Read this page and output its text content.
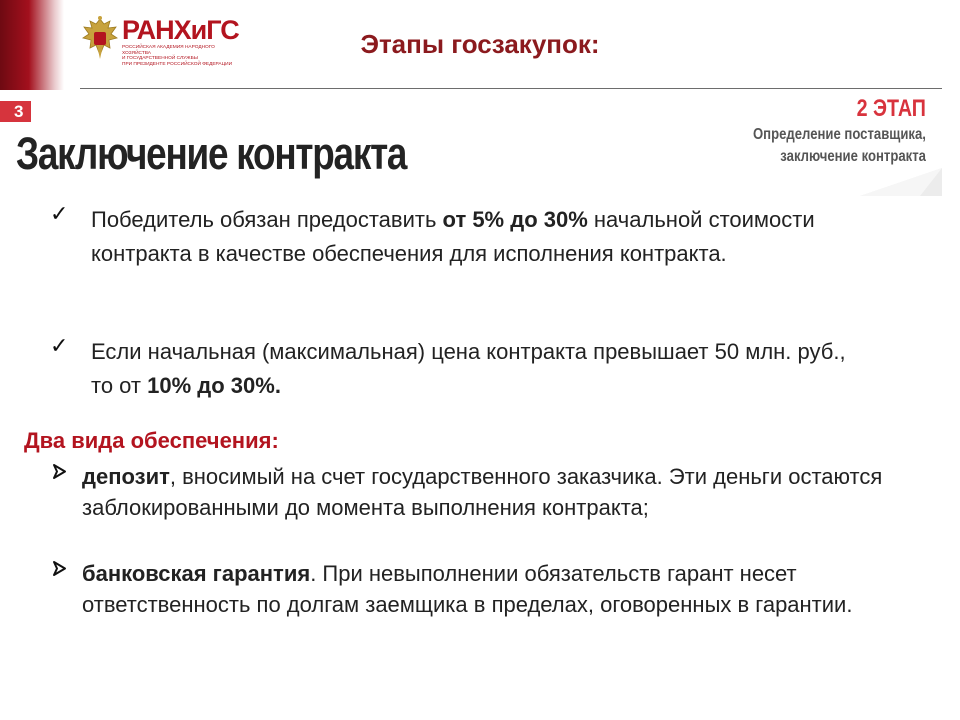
РАНХиГС
РОССИЙСКАЯ АКАДЕМИЯ НАРОДНОГО ХОЗЯЙСТВА
И ГОСУДАРСТВЕННОЙ СЛУЖБЫ
ПРИ ПРЕЗИДЕНТЕ РОССИЙСКОЙ ФЕДЕРАЦИИ
Этапы госзакупок:
3
Заключение контракта
2 ЭТАП
Определение поставщика,
заключение контракта
✓ Победитель обязан предоставить от 5% до 30% начальной стоимости контракта в качестве обеспечения для исполнения контракта.
✓ Если начальная (максимальная) цена контракта превышает 50 млн. руб., то от 10% до 30%.
Два вида обеспечения:
депозит, вносимый на счет государственного заказчика. Эти деньги остаются заблокированными до момента выполнения контракта;
банковская гарантия. При невыполнении обязательств гарант несет ответственность по долгам заемщика в пределах, оговоренных в гарантии.
